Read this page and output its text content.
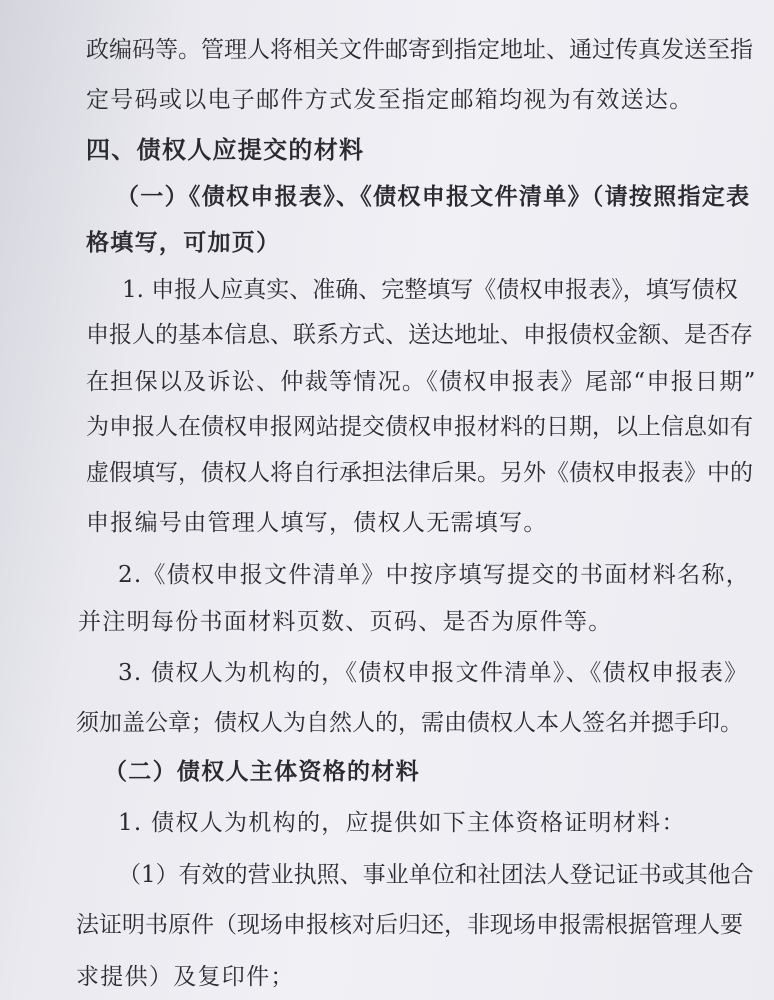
政编码等。管理人将相关文件邮寄到指定地址、通过传真发送至指
定号码或以电子邮件方式发至指定邮箱均视为有效送达。
四、债权人应提交的材料
（一）《债权申报表》、《债权申报文件清单》（请按照指定表
格填写，可加页）
1. 申报人应真实、准确、完整填写《债权申报表》，填写债权
申报人的基本信息、联系方式、送达地址、申报债权金额、是否存
在担保以及诉讼、仲裁等情况。《债权申报表》尾部“申报日期”
为申报人在债权申报网站提交债权申报材料的日期，以上信息如有
虚假填写，债权人将自行承担法律后果。另外《债权申报表》中的
申报编号由管理人填写，债权人无需填写。
2.《债权申报文件清单》中按序填写提交的书面材料名称，
并注明每份书面材料页数、页码、是否为原件等。
3. 债权人为机构的，《债权申报文件清单》、《债权申报表》
须加盖公章；债权人为自然人的，需由债权人本人签名并摁手印。
（二）债权人主体资格的材料
1. 债权人为机构的，应提供如下主体资格证明材料：
（1）有效的营业执照、事业单位和社团法人登记证书或其他合
法证明书原件（现场申报核对后归还，非现场申报需根据管理人要
求提供）及复印件；
